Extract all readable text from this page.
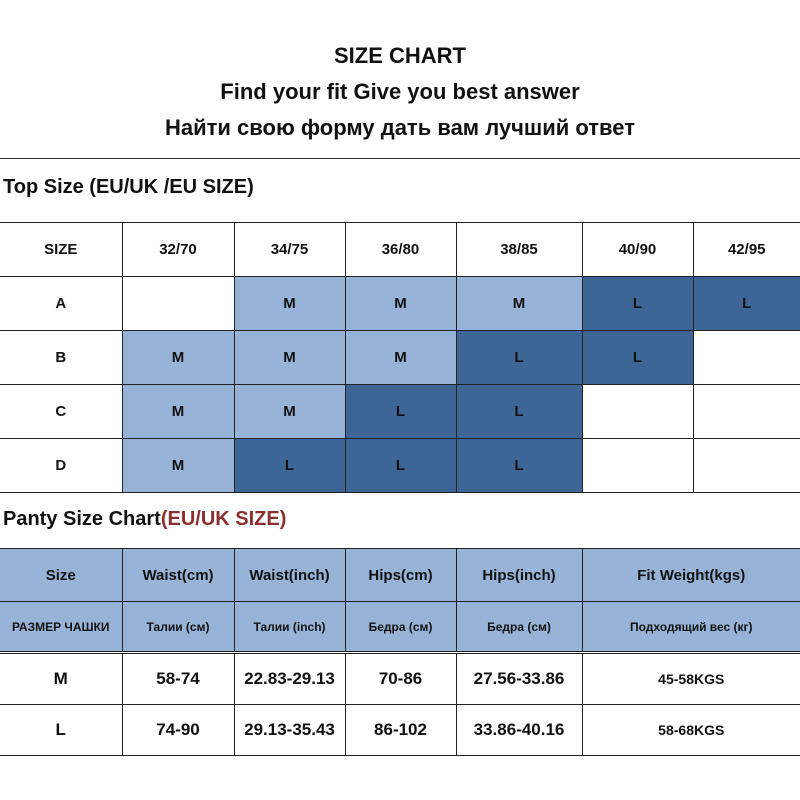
SIZE CHART
Find your fit Give you best answer
Найти свою форму дать вам лучший ответ
Top Size (EU/UK /EU SIZE)
SIZE	32/70	34/75	36/80	38/85	40/90	42/95
A		M	M	M	L	L
B	M	M	M	L	L	
C	M	M	L	L		
D	M	L	L	L		
Panty Size Chart(EU/UK SIZE)
Size	Waist(cm)	Waist(inch)	Hips(cm)	Hips(inch)	Fit Weight(kgs)
РАЗМЕР ЧАШКИ	Талии (см)	Талии (inch)	Бедра (см)	Бедра (см)	Подходящий вес (кг)

M	58-74	22.83-29.13	70-86	27.56-33.86	45-58KGS
L	74-90	29.13-35.43	86-102	33.86-40.16	58-68KGS
